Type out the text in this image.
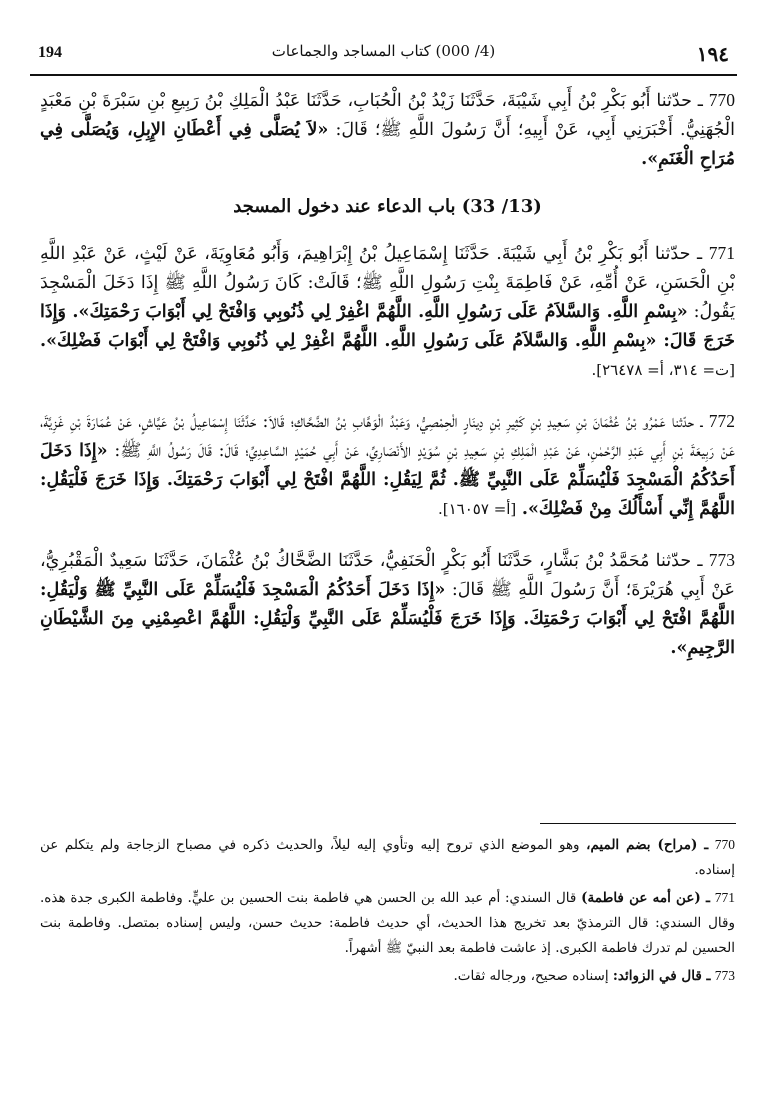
194	(4/ 000) كتاب المساجد والجماعات	١٩٤

770 ـ حدّثنا أَبُو بَكْرِ بْنُ أَبِي شَيْبَةَ، حَدَّثَنَا زَيْدُ بْنُ الْحُبَابِ، حَدَّثَنَا عَبْدُ الْمَلِكِ بْنُ رَبِيعِ بْنِ سَبْرَةَ بْنِ مَعْبَدٍ الْجُهَنِيُّ. أَخْبَرَنِي أَبِي، عَنْ أَبِيهِ؛ أَنَّ رَسُولَ اللَّهِ ﷺ؛ قَالَ: «لاَ يُصَلَّى فِي أَعْطَانِ الإِبِلِ، وَيُصَلَّى فِي مُرَاحِ الْغَنَمِ».

(13/ 33) باب الدعاء عند دخول المسجد

771 ـ حدّثنا أَبُو بَكْرِ بْنُ أَبِي شَيْبَةَ. حَدَّثَنَا إِسْمَاعِيلُ بْنُ إِبْرَاهِيمَ، وَأَبُو مُعَاوِيَةَ، عَنْ لَيْثٍ، عَنْ عَبْدِ اللَّهِ بْنِ الْحَسَنِ، عَنْ أُمِّهِ، عَنْ فَاطِمَةَ بِنْتِ رَسُولِ اللَّهِ ﷺ؛ قَالَتْ: كَانَ رَسُولُ اللَّهِ ﷺ إِذَا دَخَلَ الْمَسْجِدَ يَقُولُ: «بِسْمِ اللَّهِ. وَالسَّلاَمُ عَلَى رَسُولِ اللَّهِ. اللَّهُمَّ اغْفِرْ لِي ذُنُوبِي وَافْتَحْ لِي أَبْوَابَ رَحْمَتِكَ». وَإِذَا خَرَجَ قَالَ: «بِسْمِ اللَّهِ. وَالسَّلاَمُ عَلَى رَسُولِ اللَّهِ. اللَّهُمَّ اغْفِرْ لِي ذُنُوبِي وَافْتَحْ لِي أَبْوَابَ فَضْلِكَ». [ت= ٣١٤، أ= ٢٦٤٧٨].

772 ـ حدّثنا عَمْرُو بْنُ عُثْمَانَ بْنِ سَعِيدِ بْنِ كَثِيرِ بْنِ دِينَارٍ الْحِمْصِيُّ، وَعَبْدُ الْوَهَّابِ بْنُ الضَّحَّاكِ؛ قَالاَ: حَدَّثَنَا إِسْمَاعِيلُ بْنُ عَيَّاشٍ، عَنْ عُمَارَةَ بْنِ غَزِيَّةَ، عَنْ رَبِيعَةَ بْنِ أَبِي عَبْدِ الرَّحْمٰنِ، عَنْ عَبْدِ الْمَلِكِ بْنِ سَعِيدِ بْنِ سُوَيْدٍ الأَنْصَارِيِّ، عَنْ أَبِي حُمَيْدٍ السَّاعِدِيِّ؛ قَالَ: قَالَ رَسُولُ اللَّهِ ﷺ: «إِذَا دَخَلَ أَحَدُكُمُ الْمَسْجِدَ فَلْيُسَلِّمْ عَلَى النَّبِيِّ ﷺ. ثُمَّ لِيَقُلِ: اللَّهُمَّ افْتَحْ لِي أَبْوَابَ رَحْمَتِكَ. وَإِذَا خَرَجَ فَلْيَقُلِ: اللَّهُمَّ إِنِّي أَسْأَلُكَ مِنْ فَضْلِكَ». [أ= ١٦٠٥٧].

773 ـ حدّثنا مُحَمَّدُ بْنُ بَشَّارٍ، حَدَّثَنَا أَبُو بَكْرٍ الْحَنَفِيُّ، حَدَّثَنَا الضَّحَّاكُ بْنُ عُثْمَانَ، حَدَّثَنَا سَعِيدٌ الْمَقْبُرِيُّ، عَنْ أَبِي هُرَيْرَةَ؛ أَنَّ رَسُولَ اللَّهِ ﷺ قَالَ: «إِذَا دَخَلَ أَحَدُكُمُ الْمَسْجِدَ فَلْيُسَلِّمْ عَلَى النَّبِيِّ ﷺ وَلْيَقُلِ: اللَّهُمَّ افْتَحْ لِي أَبْوَابَ رَحْمَتِكَ. وَإِذَا خَرَجَ فَلْيُسَلِّمْ عَلَى النَّبِيِّ وَلْيَقُلِ: اللَّهُمَّ اعْصِمْنِي مِنَ الشَّيْطَانِ الرَّجِيمِ».

770 ـ (مراح) بضم الميم، وهو الموضع الذي تروح إليه وتأوي إليه ليلاً، والحديث ذكره في مصباح الزجاجة ولم يتكلم عن إسناده.

771 ـ (عن أمه عن فاطمة) قال السندي: أم عبد الله بن الحسن هي فاطمة بنت الحسين بن عليٍّ. وفاطمة الكبرى جدة هذه. وقال السندي: قال الترمذيّ بعد تخريج هذا الحديث، أي حديث فاطمة: حديث حسن، وليس إسناده بمتصل. وفاطمة بنت الحسين لم تدرك فاطمة الكبرى. إذ عاشت فاطمة بعد النبيّ ﷺ أشهراً.

773 ـ قال في الزوائد: إسناده صحيح، ورجاله ثقات.
